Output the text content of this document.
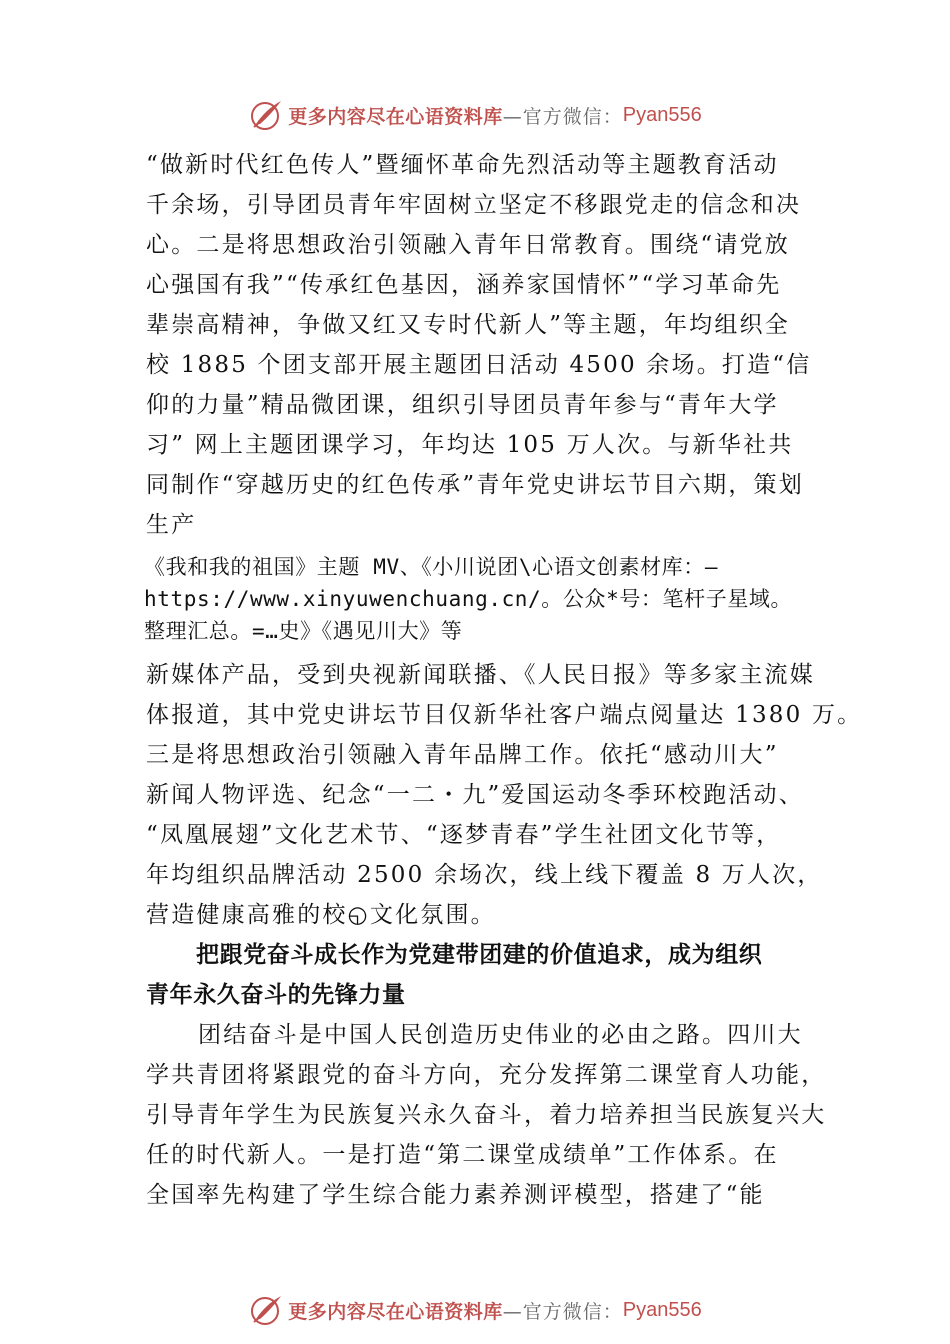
更多内容尽在心语资料库 —官方微信： Pyan556
“做新时代红色传人”暨缅怀革命先烈活动等主题教育活动
千余场，引导团员青年牢固树立坚定不移跟党走的信念和决
心。二是将思想政治引领融入青年日常教育。围绕“请党放
心强国有我”“传承红色基因，涵养家国情怀”“学习革命先
辈崇高精神，争做又红又专时代新人”等主题，年均组织全
校 1885 个团支部开展主题团日活动 4500 余场。打造“信
仰的力量”精品微团课，组织引导团员青年参与“青年大学
习” 网上主题团课学习，年均达 105 万人次。与新华社共
同制作“穿越历史的红色传承”青年党史讲坛节目六期，策划
生产
《我和我的祖国》主题 MV、《小川说团\心语文创素材库：—
https://www.xinyuwenchuang.cn/。公众*号：笔杆子星域。
整理汇总。=…史》《遇见川大》等
新媒体产品，受到央视新闻联播、《人民日报》等多家主流媒
体报道，其中党史讲坛节目仅新华社客户端点阅量达 1380 万。
三是将思想政治引领融入青年品牌工作。依托“感动川大”
新闻人物评选、纪念“一二・九”爱国运动冬季环校跑活动、
“凤凰展翅”文化艺术节、“逐梦青春”学生社团文化节等，
年均组织品牌活动 2500 余场次，线上线下覆盖 8 万人次，
营造健康高雅的校◵文化氛围。
把跟党奋斗成长作为党建带团建的价值追求，成为组织
青年永久奋斗的先锋力量
团结奋斗是中国人民创造历史伟业的必由之路。四川大
学共青团将紧跟党的奋斗方向，充分发挥第二课堂育人功能，
引导青年学生为民族复兴永久奋斗，着力培养担当民族复兴大
任的时代新人。一是打造“第二课堂成绩单”工作体系。在
全国率先构建了学生综合能力素养测评模型，搭建了“能
更多内容尽在心语资料库 —官方微信： Pyan556
